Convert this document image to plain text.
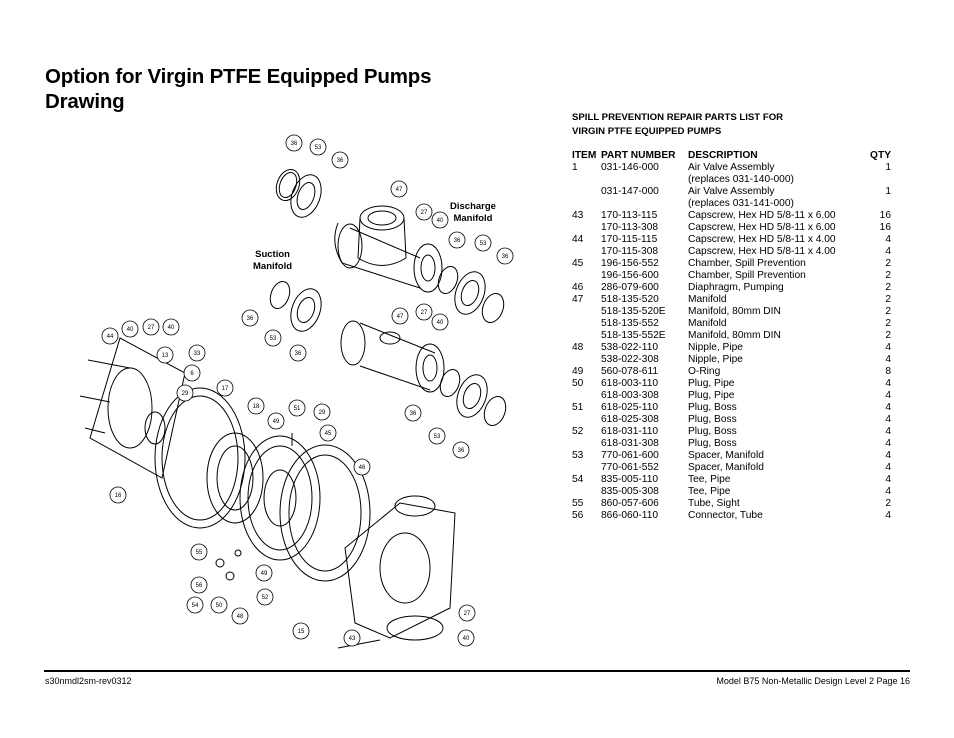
Option for Virgin PTFE Equipped Pumps
Drawing
36
53
36
47
27
40
36	53
36
36
53
36
47
27
40
36
53
36
44
40 27 40
13	33
6
29
17
18
49
51
29
45
46
16
55
56
54	50
48
49
52
15
43
27
40
Discharge
Manifold
Suction
Manifold
SPILL PREVENTION REPAIR PARTS LIST FOR
VIRGIN PTFE EQUIPPED PUMPS
ITEM	PART NUMBER	DESCRIPTION	QTY
1	031-146-000	Air Valve Assembly	1
		(replaces 031-140-000)	
	031-147-000	Air Valve Assembly	1
		(replaces 031-141-000)	
43	170-113-115	Capscrew, Hex HD 5/8-11 x 6.00	16
	170-113-308	Capscrew, Hex HD 5/8-11 x 6.00	16
44	170-115-115	Capscrew, Hex HD 5/8-11 x 4.00	4
	170-115-308	Capscrew, Hex HD 5/8-11 x 4.00	4
45	196-156-552	Chamber, Spill Prevention	2
	196-156-600	Chamber, Spill Prevention	2
46	286-079-600	Diaphragm, Pumping	2
47	518-135-520	Manifold	2
	518-135-520E	Manifold, 80mm DIN	2
	518-135-552	Manifold	2
	518-135-552E	Manifold, 80mm DIN	2
48	538-022-110	Nipple, Pipe	4
	538-022-308	Nipple, Pipe	4
49	560-078-611	O-Ring	8
50	618-003-110	Plug, Pipe	4
	618-003-308	Plug, Pipe	4
51	618-025-110	Plug, Boss	4
	618-025-308	Plug, Boss	4
52	618-031-110	Plug, Boss	4
	618-031-308	Plug, Boss	4
53	770-061-600	Spacer, Manifold	4
	770-061-552	Spacer, Manifold	4
54	835-005-110	Tee, Pipe	4
	835-005-308	Tee, Pipe	4
55	860-057-606	Tube, Sight	2
56	866-060-110	Connector, Tube	4
s30nmdl2sm-rev0312	Model B75 Non-Metallic Design Level 2 Page 16
